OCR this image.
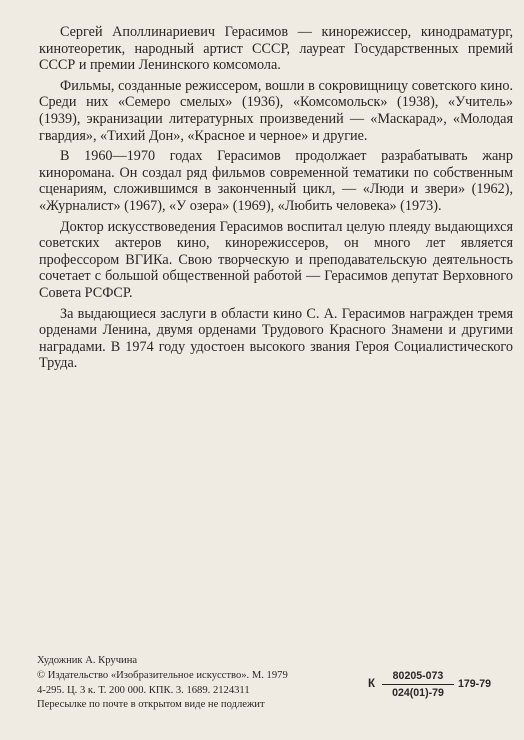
Сергей Аполлинариевич Герасимов — кинорежиссер, кинодраматург, кинотеоретик, народный артист СССР, лауреат Государственных премий СССР и премии Ленинского комсомола.

Фильмы, созданные режиссером, вошли в сокровищницу советского кино. Среди них «Семеро смелых» (1936), «Комсомольск» (1938), «Учитель» (1939), экранизации литературных произведений — «Маскарад», «Молодая гвардия», «Тихий Дон», «Красное и черное» и другие.

В 1960—1970 годах Герасимов продолжает разрабатывать жанр кинoромана. Он создал ряд фильмов современной тематики по собственным сценариям, сложившимся в законченный цикл, — «Люди и звери» (1962), «Журналист» (1967), «У озера» (1969), «Любить человека» (1973).

Доктор искусствоведения Герасимов воспитал целую плеяду выдающихся советских актеров кино, кинорежиссеров, он много лет является профессором ВГИКа. Свою творческую и преподавательскую деятельность сочетает с большой общественной работой — Герасимов депутат Верховного Совета РСФСР.

За выдающиеся заслуги в области кино С. А. Герасимов награжден тремя орденами Ленина, двумя орденами Трудового Красного Знамени и другими наградами. В 1974 году удостоен высокого звания Героя Социалистического Труда.

Художник А. Кручина
© Издательство «Изобразительное искусство». М. 1979
4-295. Ц. 3 к. Т. 200 000. КПК. 3. 1689. 2124311
Пересылке по почте в открытом виде не подлежит
К $\frac{80205-073}{024(01)-79} 179-79$
